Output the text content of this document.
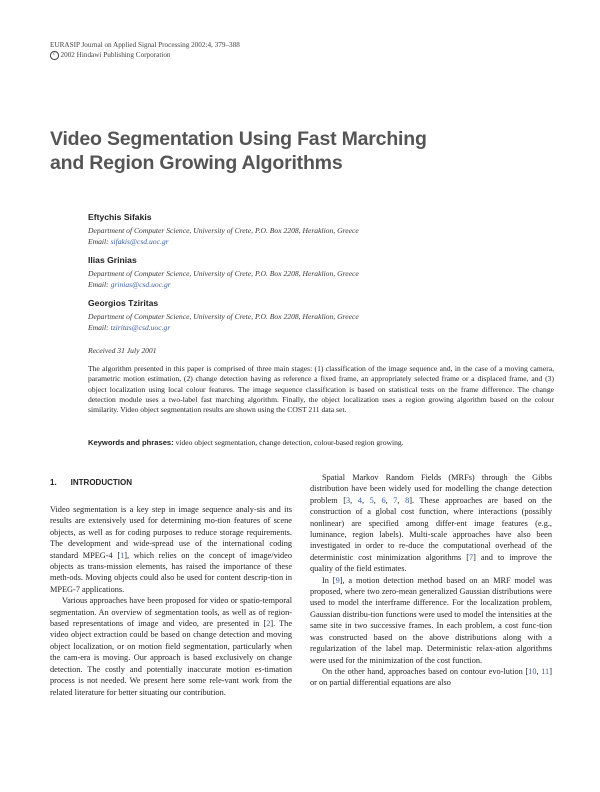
EURASIP Journal on Applied Signal Processing 2002:4, 379–388
c 2002 Hindawi Publishing Corporation
Video Segmentation Using Fast Marching
and Region Growing Algorithms
Eftychis Sifakis
Department of Computer Science, University of Crete, P.O. Box 2208, Heraklion, Greece
Email: sifakis@csd.uoc.gr
Ilias Grinias
Department of Computer Science, University of Crete, P.O. Box 2208, Heraklion, Greece
Email: grinias@csd.uoc.gr
Georgios Tziritas
Department of Computer Science, University of Crete, P.O. Box 2208, Heraklion, Greece
Email: tziritas@csd.uoc.gr
Received 31 July 2001
The algorithm presented in this paper is comprised of three main stages: (1) classification of the image sequence and, in the case of a moving camera, parametric motion estimation, (2) change detection having as reference a fixed frame, an appropriately selected frame or a displaced frame, and (3) object localization using local colour features. The image sequence classification is based on statistical tests on the frame difference. The change detection module uses a two-label fast marching algorithm. Finally, the object localization uses a region growing algorithm based on the colour similarity. Video object segmentation results are shown using the COST 211 data set.
Keywords and phrases: video object segmentation, change detection, colour-based region growing.
1. INTRODUCTION

Video segmentation is a key step in image sequence analy-sis and its results are extensively used for determining mo-tion features of scene objects, as well as for coding purposes to reduce storage requirements. The development and wide-spread use of the international coding standard MPEG-4 [1], which relies on the concept of image/video objects as trans-mission elements, has raised the importance of these meth-ods. Moving objects could also be used for content descrip-tion in MPEG-7 applications.

Various approaches have been proposed for video or spatio-temporal segmentation. An overview of segmentation tools, as well as of region-based representations of image and video, are presented in [2]. The video object extraction could be based on change detection and moving object localization, or on motion field segmentation, particularly when the cam-era is moving. Our approach is based exclusively on change detection. The costly and potentially inaccurate motion es-timation process is not needed. We present here some rele-vant work from the related literature for better situating our contribution.

Spatial Markov Random Fields (MRFs) through the Gibbs distribution have been widely used for modelling the change detection problem [3, 4, 5, 6, 7, 8]. These approaches are based on the construction of a global cost function, where interactions (possibly nonlinear) are specified among differ-ent image features (e.g., luminance, region labels). Multi-scale approaches have also been investigated in order to re-duce the computational overhead of the deterministic cost minimization algorithms [7] and to improve the quality of the field estimates.

In [9], a motion detection method based on an MRF model was proposed, where two zero-mean generalized Gaussian distributions were used to model the interframe difference. For the localization problem, Gaussian distribu-tion functions were used to model the intensities at the same site in two successive frames. In each problem, a cost func-tion was constructed based on the above distributions along with a regularization of the label map. Deterministic relax-ation algorithms were used for the minimization of the cost function.

On the other hand, approaches based on contour evo-lution [10, 11] or on partial differential equations are also
